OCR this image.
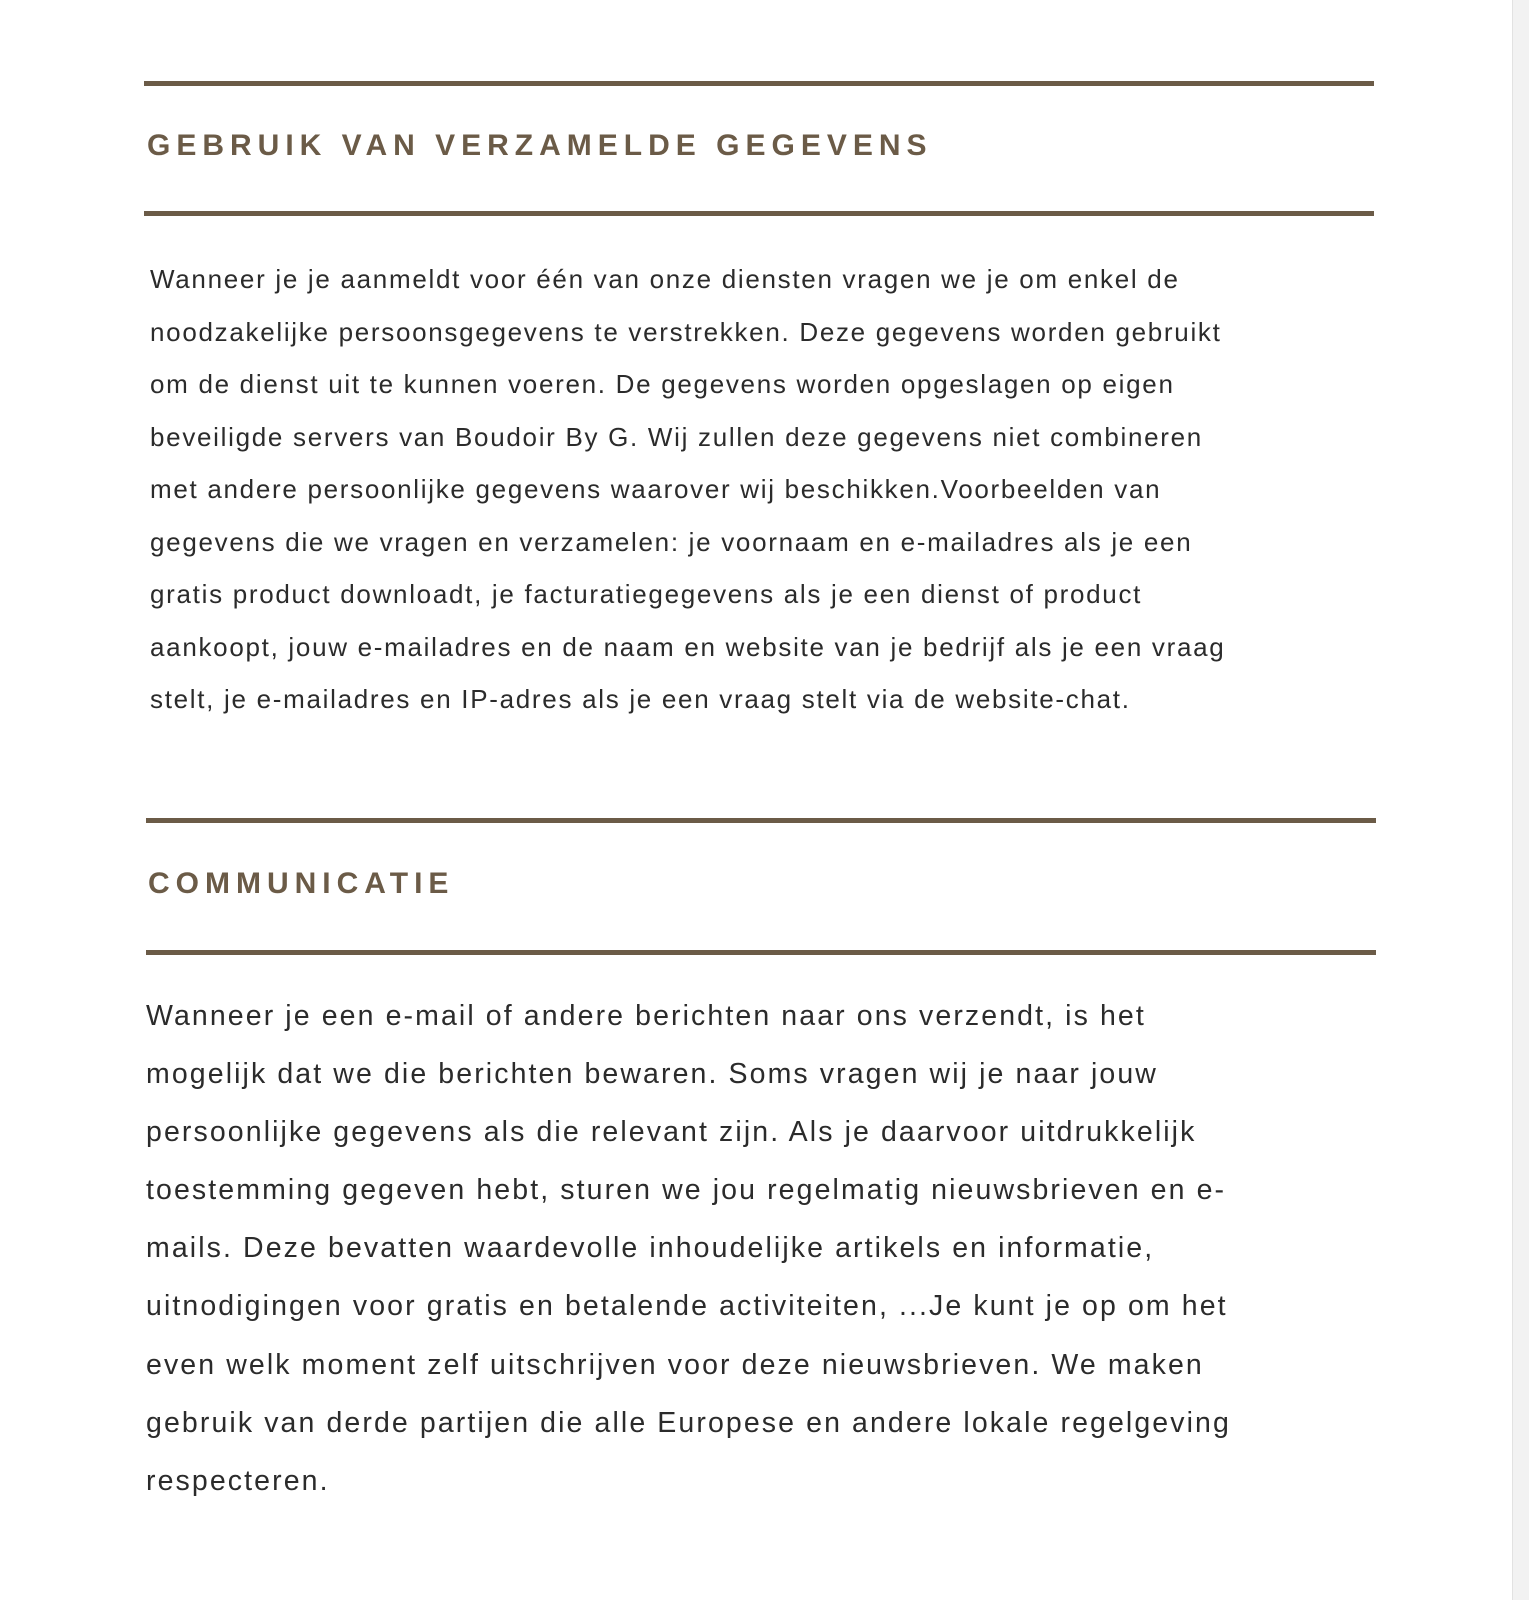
GEBRUIK VAN VERZAMELDE GEGEVENS

Wanneer je je aanmeldt voor één van onze diensten vragen we je om enkel de
noodzakelijke persoonsgegevens te verstrekken. Deze gegevens worden gebruikt
om de dienst uit te kunnen voeren. De gegevens worden opgeslagen op eigen
beveiligde servers van Boudoir By G. Wij zullen deze gegevens niet combineren
met andere persoonlijke gegevens waarover wij beschikken.Voorbeelden van
gegevens die we vragen en verzamelen: je voornaam en e-mailadres als je een
gratis product downloadt, je facturatiegegevens als je een dienst of product
aankoopt, jouw e-mailadres en de naam en website van je bedrijf als je een vraag
stelt, je e-mailadres en IP-adres als je een vraag stelt via de website-chat.

COMMUNICATIE

Wanneer je een e-mail of andere berichten naar ons verzendt, is het
mogelijk dat we die berichten bewaren. Soms vragen wij je naar jouw
persoonlijke gegevens als die relevant zijn. Als je daarvoor uitdrukkelijk
toestemming gegeven hebt, sturen we jou regelmatig nieuwsbrieven en e-
mails. Deze bevatten waardevolle inhoudelijke artikels en informatie,
uitnodigingen voor gratis en betalende activiteiten, ...Je kunt je op om het
even welk moment zelf uitschrijven voor deze nieuwsbrieven. We maken
gebruik van derde partijen die alle Europese en andere lokale regelgeving
respecteren.
